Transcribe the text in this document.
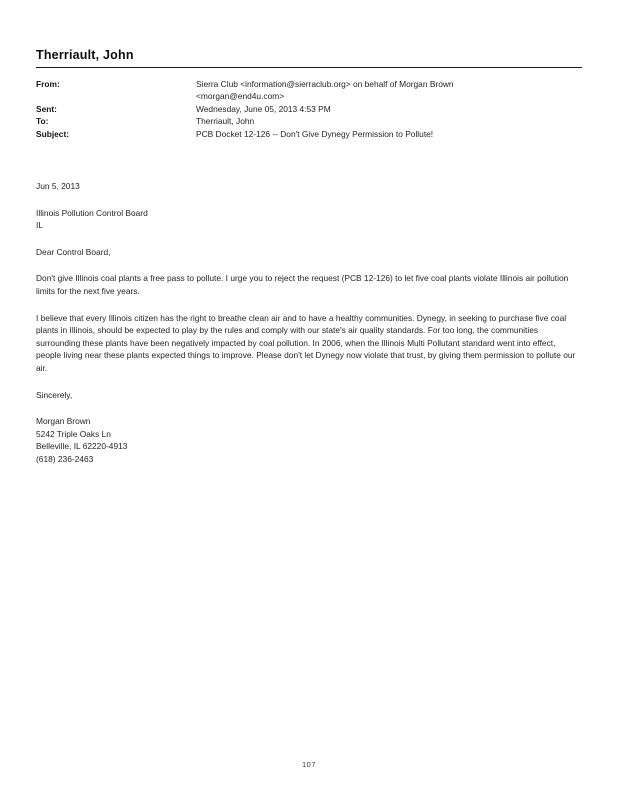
Therriault, John
From:	Sierra Club <information@sierraclub.org> on behalf of Morgan Brown
<morgan@end4u.com>
Sent:	Wednesday, June 05, 2013 4:53 PM
To:	Therriault, John
Subject:	PCB Docket 12-126 -- Don't Give Dynegy Permission to Pollute!
Jun 5, 2013
Illinois Pollution Control Board
IL
Dear Control Board,
Don't give Illinois coal plants a free pass to pollute. I urge you to reject the request (PCB 12-126) to let five coal plants violate Illinois air pollution limits for the next five years.
I believe that every Illinois citizen has the right to breathe clean air and to have a healthy communities. Dynegy, in seeking to purchase five coal plants in Illinois, should be expected to play by the rules and comply with our state's air quality standards. For too long, the communities surrounding these plants have been negatively impacted by coal pollution. In 2006, when the Illinois Multi Pollutant standard went into effect, people living near these plants expected things to improve. Please don't let Dynegy now violate that trust, by giving them permission to pollute our air.
Sincerely,
Morgan Brown
5242 Triple Oaks Ln
Belleville, IL 62220-4913
(618) 236-2463
107
